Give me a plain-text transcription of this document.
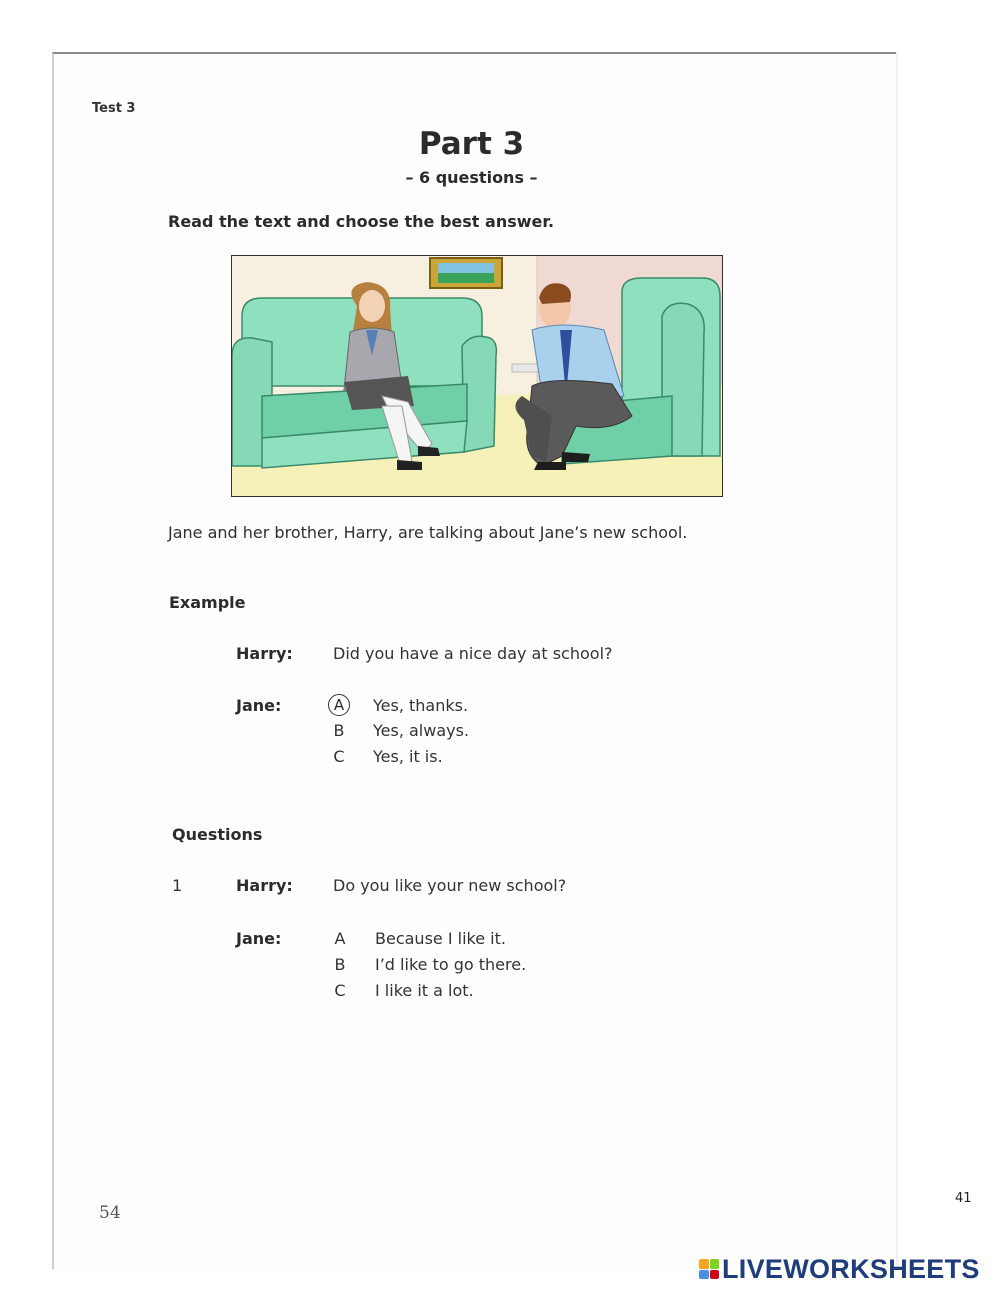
Test 3
Part 3
– 6 questions –
Read the text and choose the best answer.
Jane and her brother, Harry, are talking about Jane’s new school.
Example
Harry:	Did you have a nice day at school?
Jane:	A	Yes, thanks.
B Yes, always.
C Yes, it is.
Questions
1	Harry:	Do you like your new school?
Jane:	A Because I like it.
B I’d like to go there.
C I like it a lot.
54
41
LIVEWORKSHEETS
